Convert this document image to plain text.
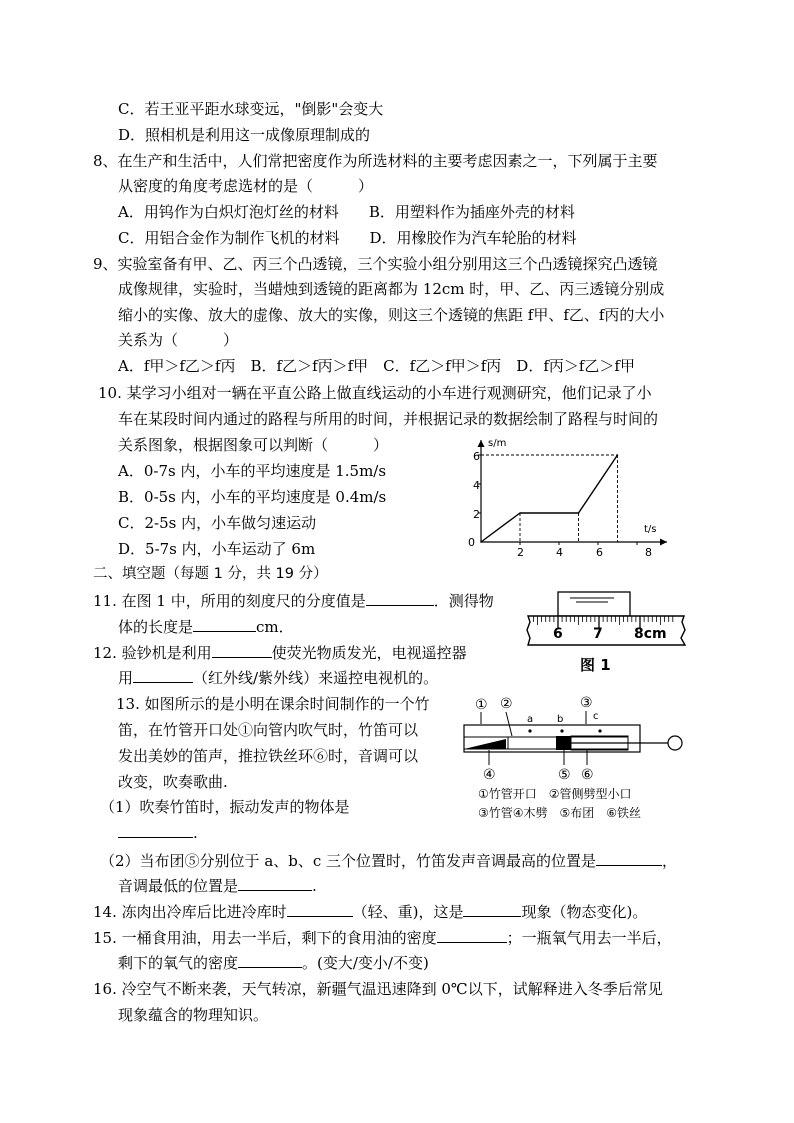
C．若王亚平距水球变远，"倒影"会变大
D．照相机是利用这一成像原理制成的
8、在生产和生活中，人们常把密度作为所选材料的主要考虑因素之一，下列属于主要
从密度的角度考虑选材的是（　　　）
A．用钨作为白炽灯泡灯丝的材料　　B．用塑料作为插座外壳的材料
C．用铝合金作为制作飞机的材料　　D．用橡胶作为汽车轮胎的材料
9、实验室备有甲、乙、丙三个凸透镜，三个实验小组分别用这三个凸透镜探究凸透镜
成像规律，实验时，当蜡烛到透镜的距离都为 12cm 时，甲、乙、丙三透镜分别成
缩小的实像、放大的虚像、放大的实像，则这三个透镜的焦距 f甲、f乙、f丙的大小
关系为（　　　）
A．f甲＞f乙＞f丙　B．f乙＞f丙＞f甲　C．f乙＞f甲＞f丙　D．f丙＞f乙＞f甲
10. 某学习小组对一辆在平直公路上做直线运动的小车进行观测研究，他们记录了小
车在某段时间内通过的路程与所用的时间，并根据记录的数据绘制了路程与时间的
关系图象，根据图象可以判断（　　　）
A．0-7s 内，小车的平均速度是 1.5m/s
B．0-5s 内，小车的平均速度是 0.4m/s
C．2-5s 内，小车做匀速运动
D．5-7s 内，小车运动了 6m
s/m
t/s
0
2
4
6
2	4	6	8
二、填空题（每题 1 分，共 19 分）
11. 在图 1 中，所用的刻度尺的分度值是	．测得物
体的长度是	cm．	6 7 8cm
图 1
12. 验钞机是利用	使荧光物质发光，电视遥控器
用	（红外线/紫外线）来遥控电视机的。
13. 如图所示的是小明在课余时间制作的一个竹
笛，在竹管开口处①向管内吹气时，竹笛可以
发出美妙的笛声，推拉铁丝环⑥时，音调可以
改变，吹奏歌曲.
（1）吹奏竹笛时，振动发声的物体是
.
（2）当布团⑤分别位于 a、b、c 三个位置时，竹笛发声音调最高的位置是	，
音调最低的位置是	.
① ②	③
a b	c
④	⑤ ⑥
①竹管开口　②管侧劈型小口
③竹管④木劈　⑤布团　⑥铁丝
14. 冻肉出冷库后比进冷库时	（轻、重)，这是	现象（物态变化)。
15. 一桶食用油，用去一半后，剩下的食用油的密度	；一瓶氧气用去一半后，
剩下的氧气的密度	。(变大/变小/不变)
16. 冷空气不断来袭，天气转凉，新疆气温迅速降到 0℃以下，试解释进入冬季后常见
现象蕴含的物理知识。
